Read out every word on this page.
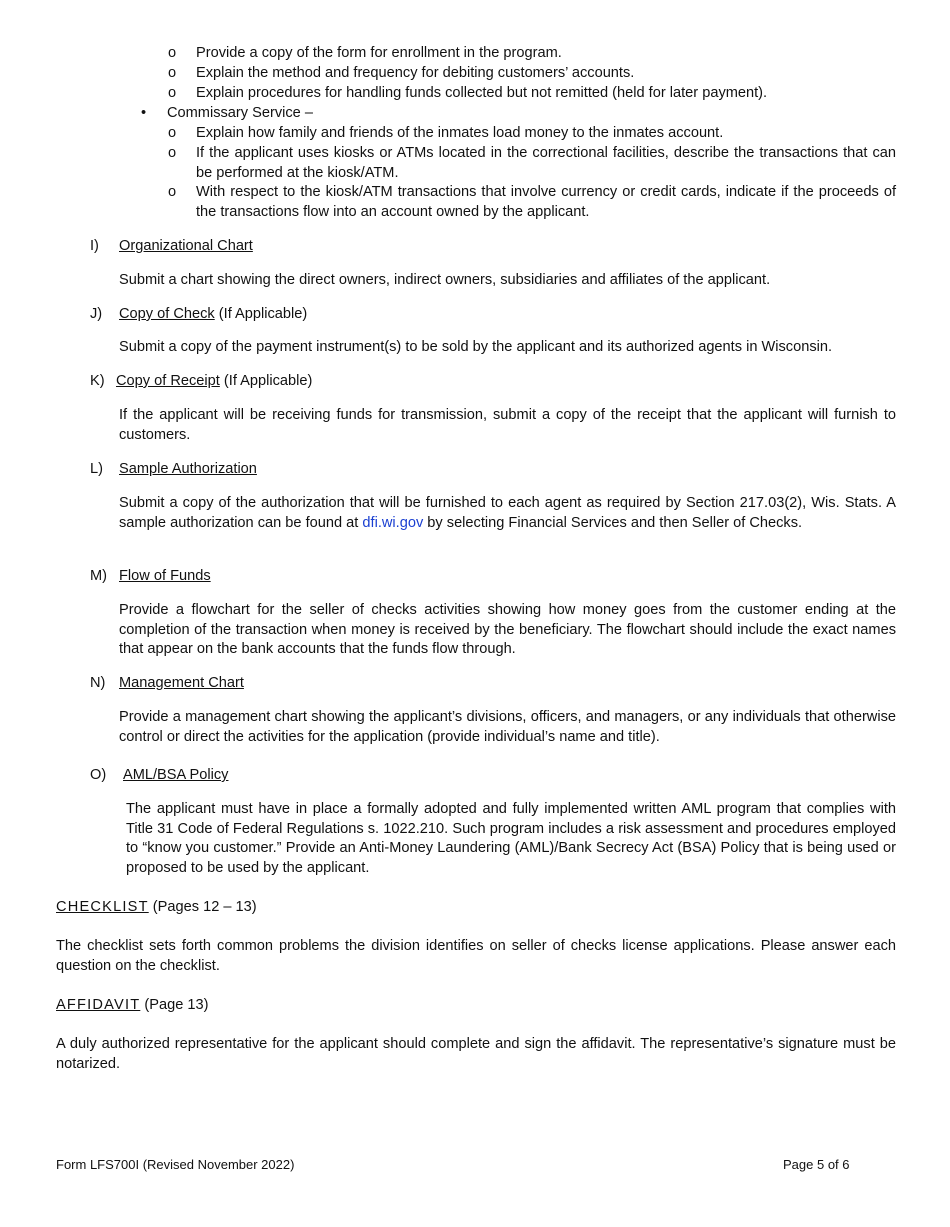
o	Provide a copy of the form for enrollment in the program.
o	Explain the method and frequency for debiting customers’ accounts.
o	Explain procedures for handling funds collected but not remitted (held for later payment).
• Commissary Service –
o	Explain how family and friends of the inmates load money to the inmates account.
o	If the applicant uses kiosks or ATMs located in the correctional facilities, describe the transactions that can be performed at the kiosk/ATM.
o	With respect to the kiosk/ATM transactions that involve currency or credit cards, indicate if the proceeds of the transactions flow into an account owned by the applicant.
I) Organizational Chart
Submit a chart showing the direct owners, indirect owners, subsidiaries and affiliates of the applicant.
J) Copy of Check (If Applicable)
Submit a copy of the payment instrument(s) to be sold by the applicant and its authorized agents in Wisconsin.
K) Copy of Receipt (If Applicable)
If the applicant will be receiving funds for transmission, submit a copy of the receipt that the applicant will furnish to customers.
L) Sample Authorization
Submit a copy of the authorization that will be furnished to each agent as required by Section 217.03(2), Wis. Stats. A sample authorization can be found at dfi.wi.gov by selecting Financial Services and then Seller of Checks.
M) Flow of Funds
Provide a flowchart for the seller of checks activities showing how money goes from the customer ending at the completion of the transaction when money is received by the beneficiary. The flowchart should include the exact names that appear on the bank accounts that the funds flow through.
N) Management Chart
Provide a management chart showing the applicant’s divisions, officers, and managers, or any individuals that otherwise control or direct the activities for the application (provide individual’s name and title).
O) AML/BSA Policy
The applicant must have in place a formally adopted and fully implemented written AML program that complies with Title 31 Code of Federal Regulations s. 1022.210. Such program includes a risk assessment and procedures employed to “know you customer.” Provide an Anti-Money Laundering (AML)/Bank Secrecy Act (BSA) Policy that is being used or proposed to be used by the applicant.
CHECKLIST (Pages 12 – 13)
The checklist sets forth common problems the division identifies on seller of checks license applications. Please answer each question on the checklist.
AFFIDAVIT (Page 13)
A duly authorized representative for the applicant should complete and sign the affidavit. The representative’s signature must be notarized.
Form LFS700I (Revised November 2022)	Page 5 of 6
